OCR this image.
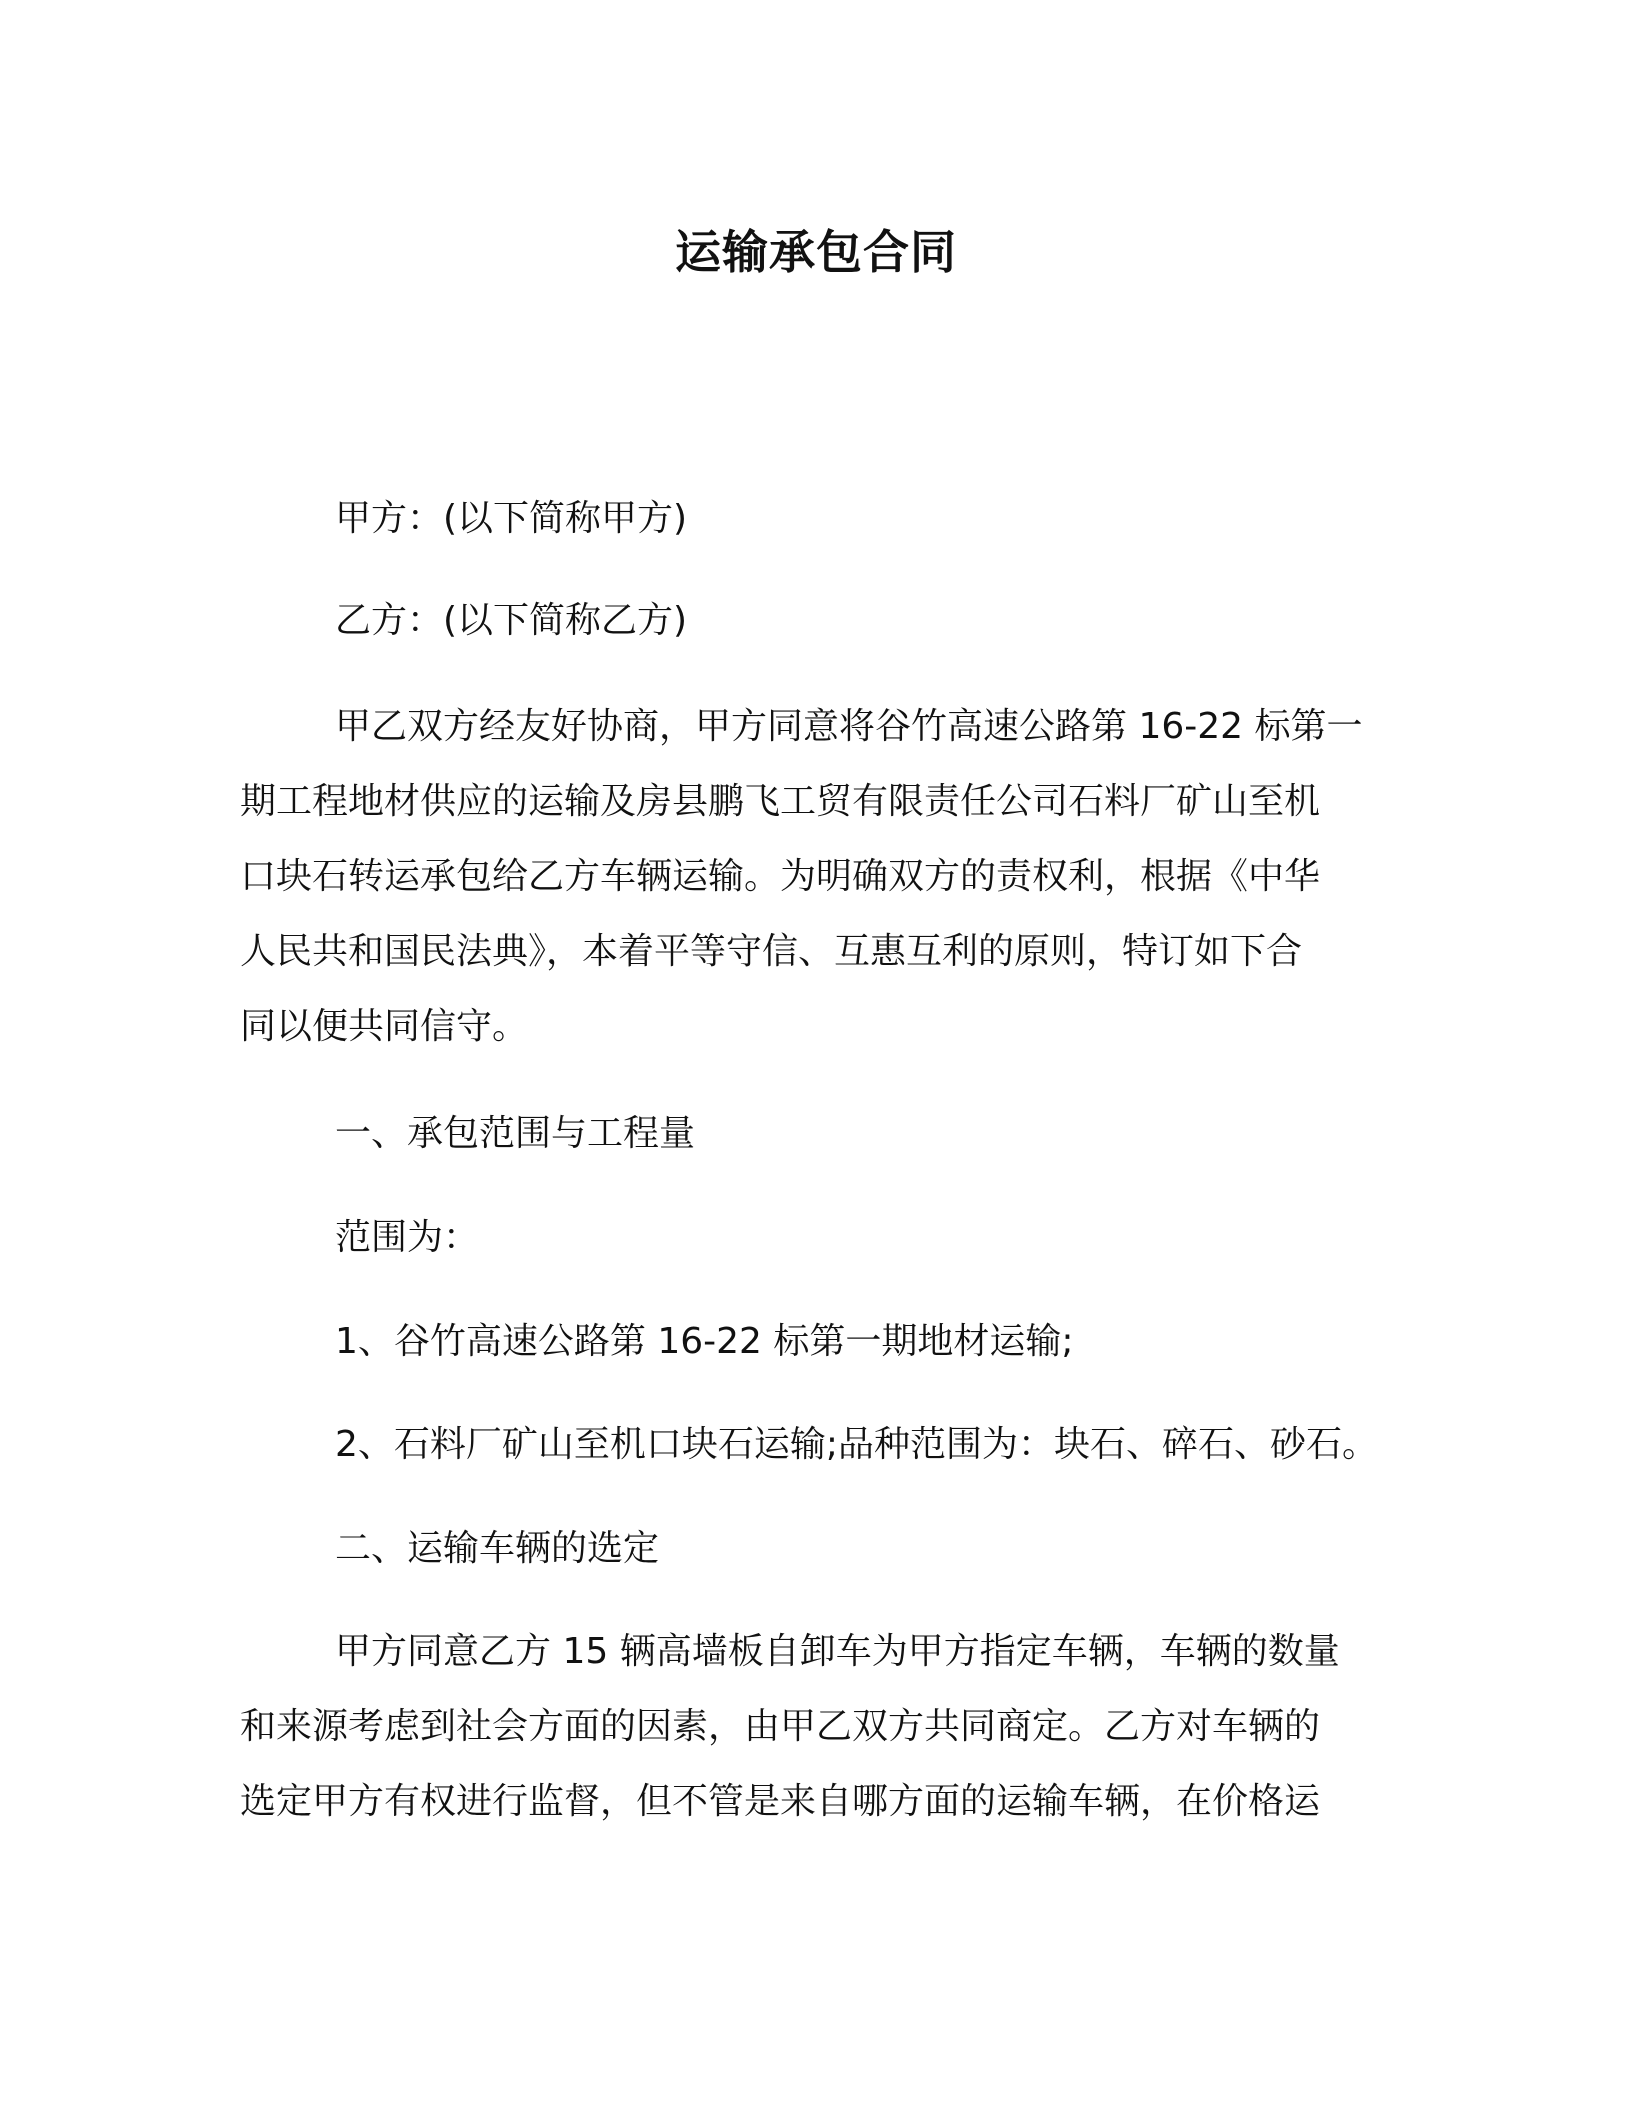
运输承包合同

甲方：(以下简称甲方)

乙方：(以下简称乙方)

甲乙双方经友好协商，甲方同意将谷竹高速公路第 16-22 标第一

期工程地材供应的运输及房县鹏飞工贸有限责任公司石料厂矿山至机

口块石转运承包给乙方车辆运输。为明确双方的责权利，根据《中华

人民共和国民法典》，本着平等守信、互惠互利的原则，特订如下合

同以便共同信守。

一、承包范围与工程量

范围为：

1、谷竹高速公路第 16-22 标第一期地材运输;

2、石料厂矿山至机口块石运输;品种范围为：块石、碎石、砂石。

二、运输车辆的选定

甲方同意乙方 15 辆高墙板自卸车为甲方指定车辆，车辆的数量

和来源考虑到社会方面的因素，由甲乙双方共同商定。乙方对车辆的

选定甲方有权进行监督，但不管是来自哪方面的运输车辆，在价格运
